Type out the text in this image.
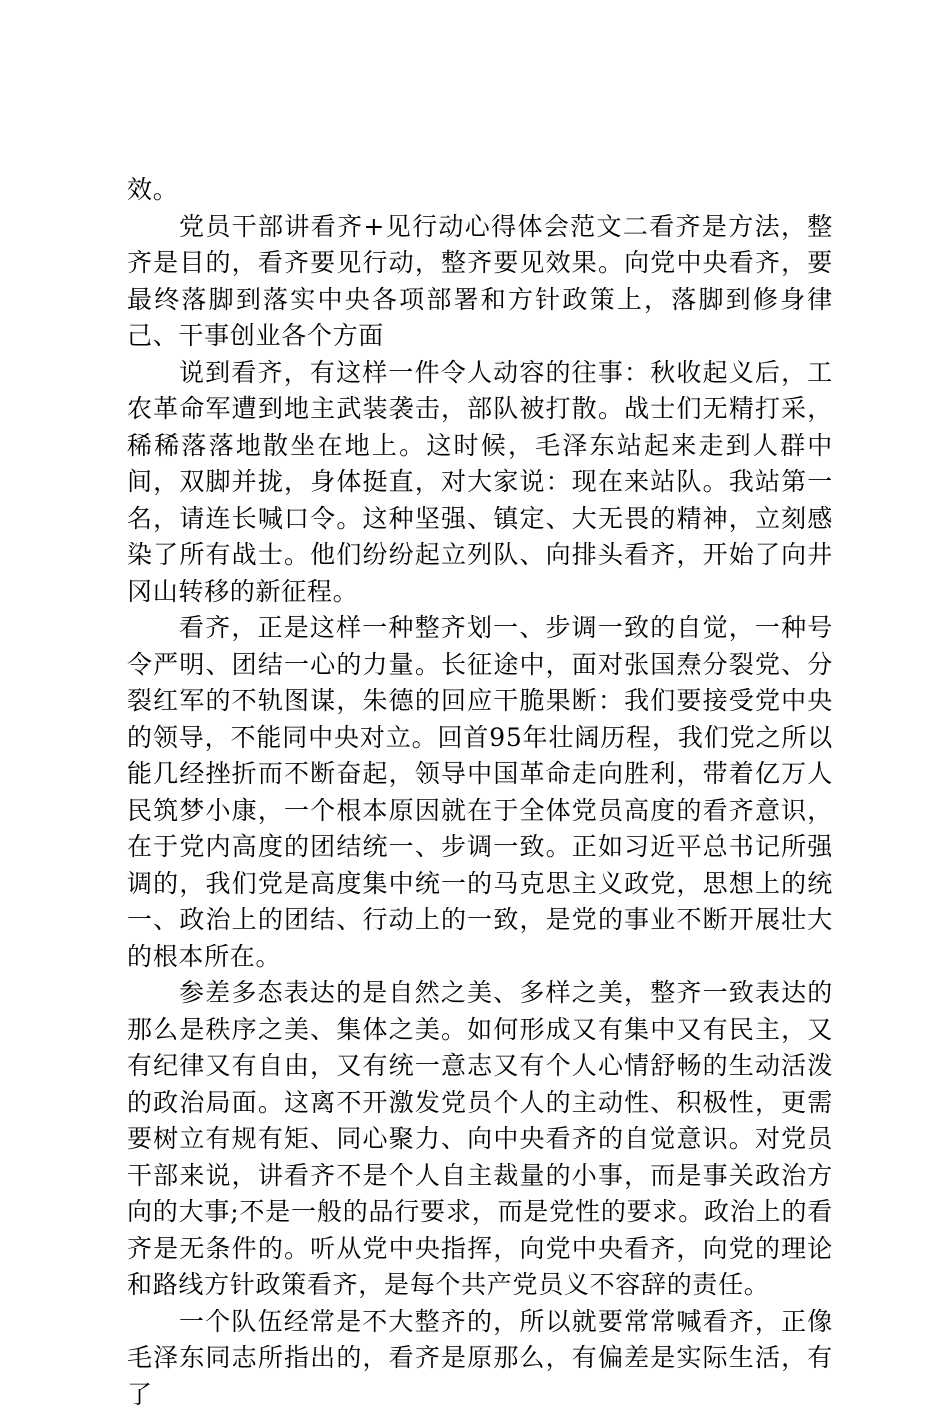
效。

党员干部讲看齐+见行动心得体会范文二看齐是方法，整齐是目的，看齐要见行动，整齐要见效果。向党中央看齐，要最终落脚到落实中央各项部署和方针政策上，落脚到修身律己、干事创业各个方面

说到看齐，有这样一件令人动容的往事：秋收起义后，工农革命军遭到地主武装袭击，部队被打散。战士们无精打采，稀稀落落地散坐在地上。这时候，毛泽东站起来走到人群中间，双脚并拢，身体挺直，对大家说：现在来站队。我站第一名，请连长喊口令。这种坚强、镇定、大无畏的精神，立刻感染了所有战士。他们纷纷起立列队、向排头看齐，开始了向井冈山转移的新征程。

看齐，正是这样一种整齐划一、步调一致的自觉，一种号令严明、团结一心的力量。长征途中，面对张国焘分裂党、分裂红军的不轨图谋，朱德的回应干脆果断：我们要接受党中央的领导，不能同中央对立。回首95年壮阔历程，我们党之所以能几经挫折而不断奋起，领导中国革命走向胜利，带着亿万人民筑梦小康，一个根本原因就在于全体党员高度的看齐意识，在于党内高度的团结统一、步调一致。正如习近平总书记所强调的，我们党是高度集中统一的马克思主义政党，思想上的统一、政治上的团结、行动上的一致，是党的事业不断开展壮大的根本所在。

参差多态表达的是自然之美、多样之美，整齐一致表达的那么是秩序之美、集体之美。如何形成又有集中又有民主，又有纪律又有自由，又有统一意志又有个人心情舒畅的生动活泼的政治局面。这离不开激发党员个人的主动性、积极性，更需要树立有规有矩、同心聚力、向中央看齐的自觉意识。对党员干部来说，讲看齐不是个人自主裁量的小事，而是事关政治方向的大事;不是一般的品行要求，而是党性的要求。政治上的看齐是无条件的。听从党中央指挥，向党中央看齐，向党的理论和路线方针政策看齐，是每个共产党员义不容辞的责任。

一个队伍经常是不大整齐的，所以就要常常喊看齐，正像毛泽东同志所指出的，看齐是原那么，有偏差是实际生活，有了
